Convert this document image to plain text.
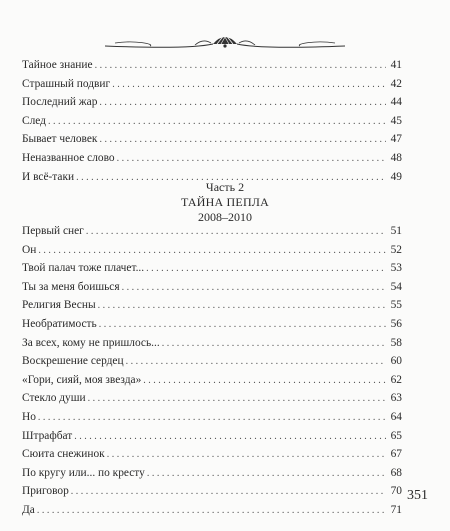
Тайное знание . . .	41
Страшный подвиг . . .	42
Последний жар . . .	44
След . . .	45
Бывает человек . . .	47
Неназванное слово . . .	48
И всё-таки . . .	49
Часть 2
ТАЙНА ПЕПЛА
2008–2010
Первый снег . . .	51
Он . . .	52
Твой палач тоже плачет... . . .	53
Ты за меня боишься . . .	54
Религия Весны . . .	55
Необратимость . . .	56
За всех, кому не пришлось... . . .	58
Воскрешение сердец . . .	60
«Гори, сияй, моя звезда» . . .	62
Стекло души . . .	63
Но . . .	64
Штрафбат . . .	65
Сюита снежинок . . .	67
По кругу или... по кресту . . .	68
Приговор . . .	70
Да . . .	71
351
